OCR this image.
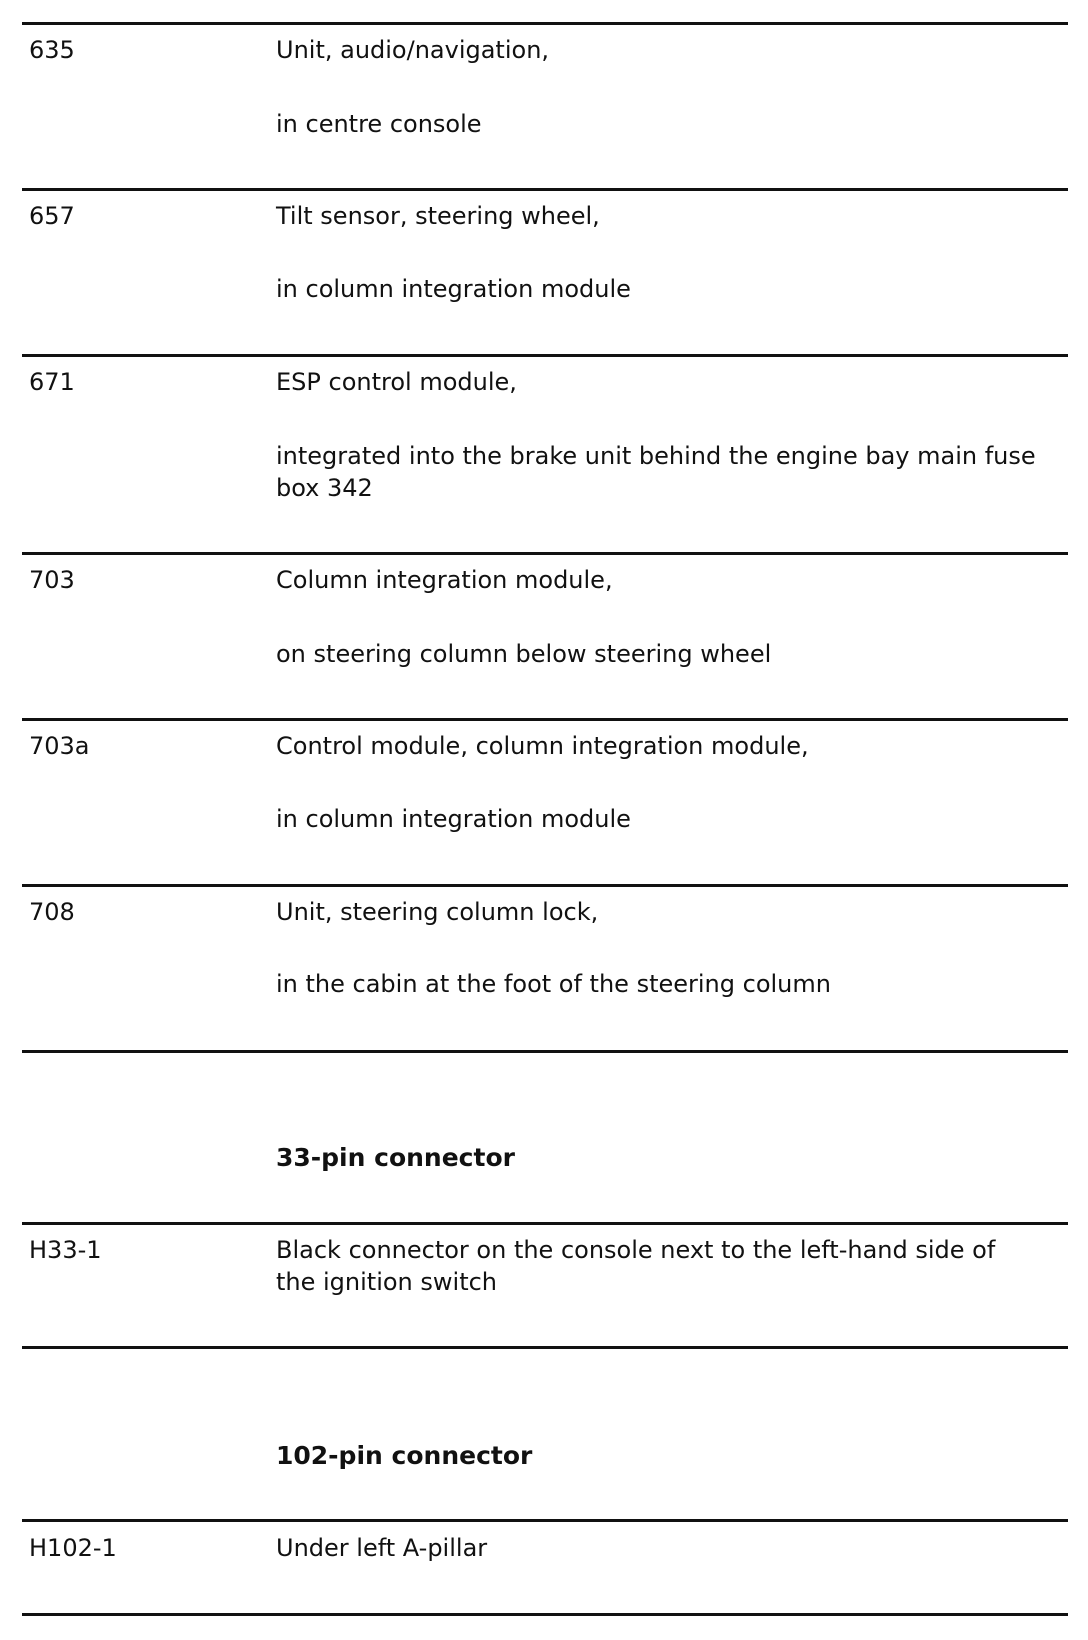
635	Unit, audio/navigation,
in centre console
657	Tilt sensor, steering wheel,
in column integration module
671	ESP control module,
integrated into the brake unit behind the engine bay main fuse box 342
703	Column integration module,
on steering column below steering wheel
703a	Control module, column integration module,
in column integration module
708	Unit, steering column lock,
in the cabin at the foot of the steering column
33-pin connector
H33-1	Black connector on the console next to the left-hand side of the ignition switch
102-pin connector
H102-1	Under left A-pillar
